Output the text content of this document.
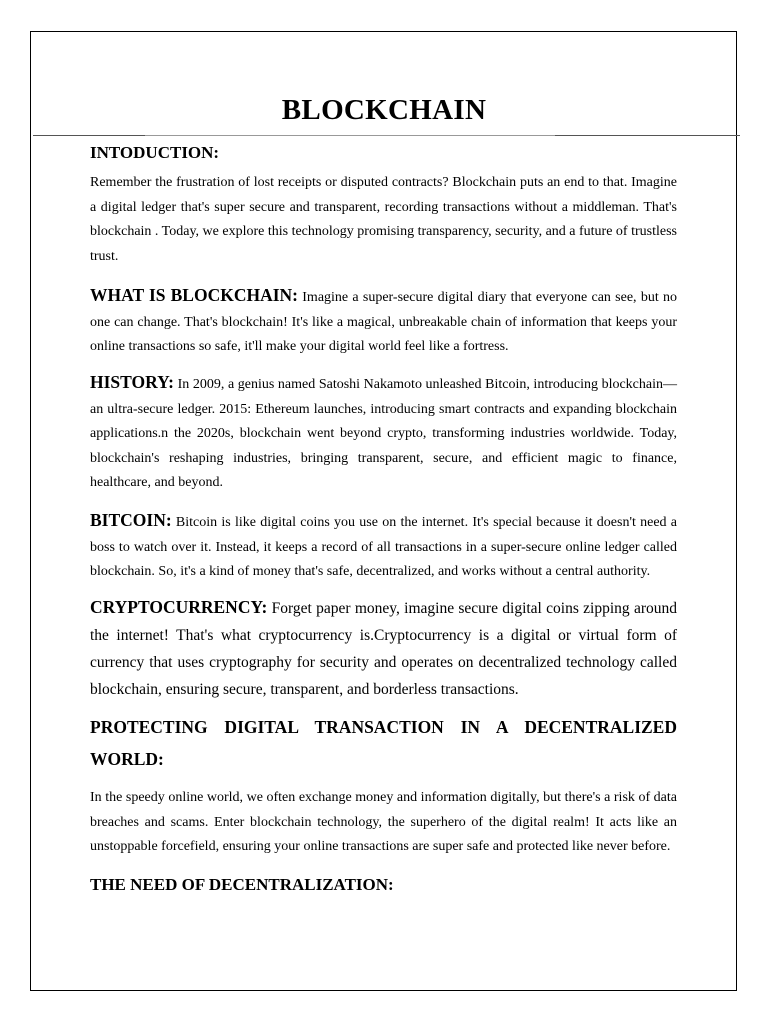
BLOCKCHAIN

INTODUCTION:

Remember the frustration of lost receipts or disputed contracts? Blockchain puts an end to that. Imagine a digital ledger that's super secure and transparent, recording transactions without a middleman. That's blockchain . Today, we explore this technology promising transparency, security, and a future of trustless trust.

WHAT IS BLOCKCHAIN: Imagine a super-secure digital diary that everyone can see, but no one can change. That's blockchain! It's like a magical, unbreakable chain of information that keeps your online transactions so safe, it'll make your digital world feel like a fortress.

HISTORY: In 2009, a genius named Satoshi Nakamoto unleashed Bitcoin, introducing blockchain—an ultra-secure ledger. 2015: Ethereum launches, introducing smart contracts and expanding blockchain applications.n the 2020s, blockchain went beyond crypto, transforming industries worldwide. Today, blockchain's reshaping industries, bringing transparent, secure, and efficient magic to finance, healthcare, and beyond.

BITCOIN: Bitcoin is like digital coins you use on the internet. It's special because it doesn't need a boss to watch over it. Instead, it keeps a record of all transactions in a super-secure online ledger called blockchain. So, it's a kind of money that's safe, decentralized, and works without a central authority.

CRYPTOCURRENCY: Forget paper money, imagine secure digital coins zipping around the internet! That's what cryptocurrency is.Cryptocurrency is a digital or virtual form of currency that uses cryptography for security and operates on decentralized technology called blockchain, ensuring secure, transparent, and borderless transactions.

PROTECTING DIGITAL TRANSACTION IN A DECENTRALIZED WORLD:

In the speedy online world, we often exchange money and information digitally, but there's a risk of data breaches and scams. Enter blockchain technology, the superhero of the digital realm! It acts like an unstoppable forcefield, ensuring your online transactions are super safe and protected like never before.

THE NEED OF DECENTRALIZATION:
